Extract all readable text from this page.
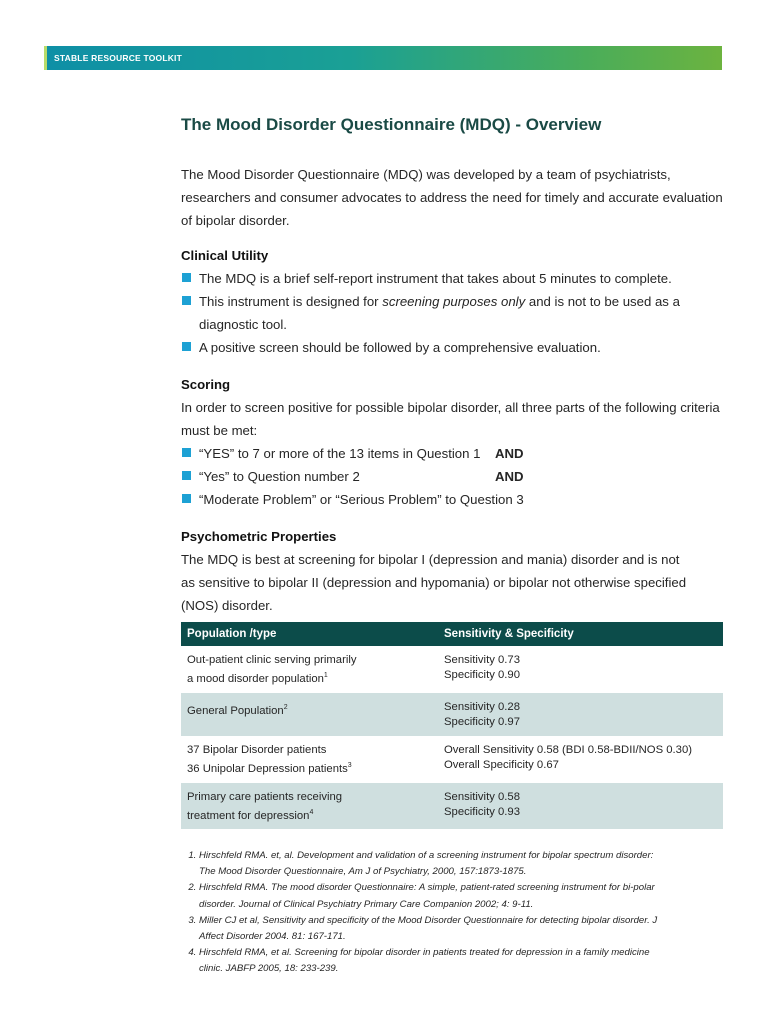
STABLE RESOURCE TOOLKIT
The Mood Disorder Questionnaire (MDQ) - Overview
The Mood Disorder Questionnaire (MDQ) was developed by a team of psychiatrists,
researchers and consumer advocates to address the need for timely and accurate evaluation
of bipolar disorder.
Clinical Utility
The MDQ is a brief self-report instrument that takes about 5 minutes to complete.
This instrument is designed for screening purposes only and is not to be used as a
diagnostic tool.
A positive screen should be followed by a comprehensive evaluation.
Scoring
In order to screen positive for possible bipolar disorder, all three parts of the following criteria
must be met:
“YES” to 7 or more of the 13 items in Question 1 AND
“Yes” to Question number 2	AND
“Moderate Problem” or “Serious Problem” to Question 3
Psychometric Properties
The MDQ is best at screening for bipolar I (depression and mania) disorder and is not
as sensitive to bipolar II (depression and hypomania) or bipolar not otherwise specified
(NOS) disorder.
Population /type	Sensitivity & Specificity

Out-patient clinic serving primarily
a mood disorder population$^1$	Sensitivity 0.73
Specificity 0.90

General Population$^2$	Sensitivity 0.28
Specificity 0.97

37 Bipolar Disorder patients
36 Unipolar Depression patients$^3$	Overall Sensitivity 0.58 (BDI 0.58-BDII/NOS 0.30)
Overall Specificity 0.67

Primary care patients receiving
treatment for depression$^4$	Sensitivity 0.58
Specificity 0.93
1. Hirschfeld RMA. et, al. Development and validation of a screening instrument for bipolar spectrum disorder:
The Mood Disorder Questionnaire, Am J of Psychiatry, 2000, 157:1873-1875.
2. Hirschfeld RMA. The mood disorder Questionnaire: A simple, patient-rated screening instrument for bi-polar
disorder. Journal of Clinical Psychiatry Primary Care Companion 2002; 4: 9-11.
3. Miller CJ et al, Sensitivity and specificity of the Mood Disorder Questionnaire for detecting bipolar disorder. J
Affect Disorder 2004. 81: 167-171.
4. Hirschfeld RMA, et al. Screening for bipolar disorder in patients treated for depression in a family medicine
clinic. JABFP 2005, 18: 233-239.
